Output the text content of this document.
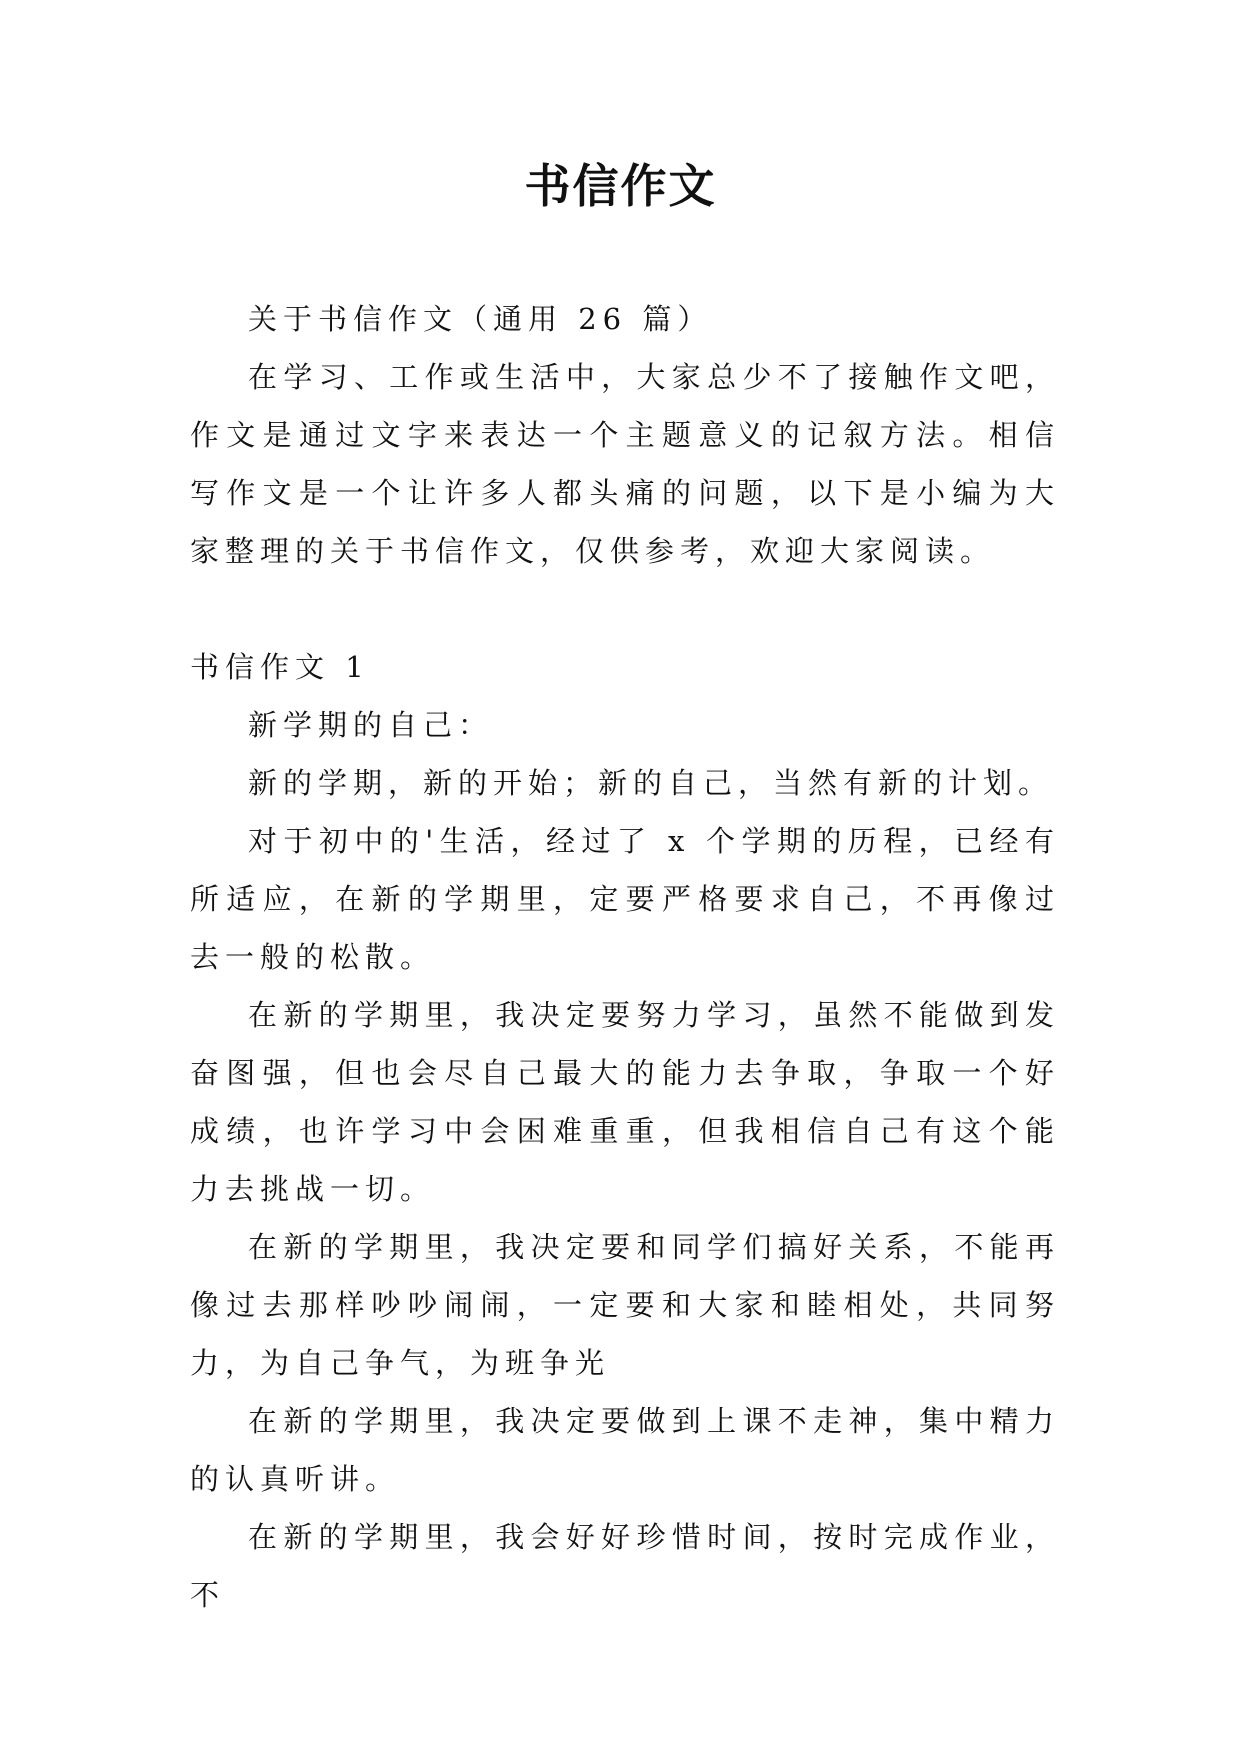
书信作文

关于书信作文（通用 26 篇）

在学习、工作或生活中，大家总少不了接触作文吧，作文是通过文字来表达一个主题意义的记叙方法。相信写作文是一个让许多人都头痛的问题，以下是小编为大家整理的关于书信作文，仅供参考，欢迎大家阅读。

书信作文 1

新学期的自己：

新的学期，新的开始；新的自己，当然有新的计划。

对于初中的'生活，经过了 x 个学期的历程，已经有所适应，在新的学期里，定要严格要求自己，不再像过去一般的松散。

在新的学期里，我决定要努力学习，虽然不能做到发奋图强，但也会尽自己最大的能力去争取，争取一个好成绩，也许学习中会困难重重，但我相信自己有这个能力去挑战一切。

在新的学期里，我决定要和同学们搞好关系，不能再像过去那样吵吵闹闹，一定要和大家和睦相处，共同努力，为自己争气，为班争光

在新的学期里，我决定要做到上课不走神，集中精力的认真听讲。

在新的学期里，我会好好珍惜时间，按时完成作业，不
